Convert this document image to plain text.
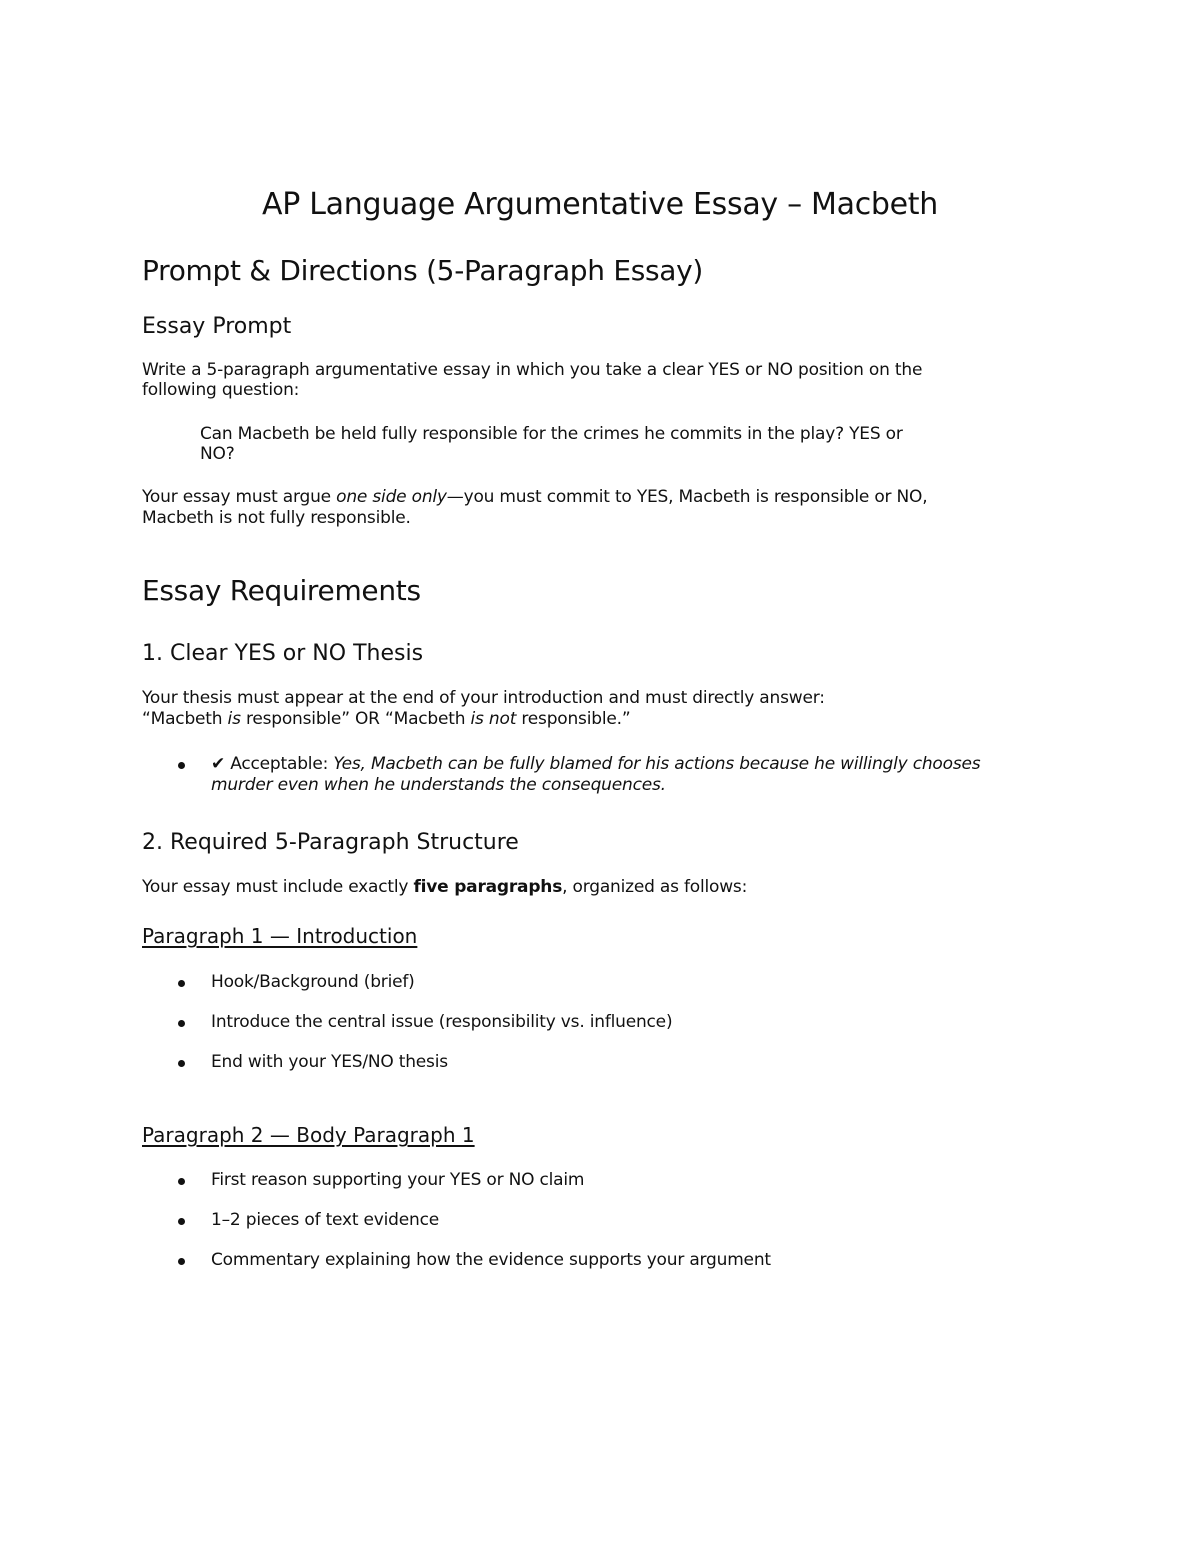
AP Language Argumentative Essay – Macbeth
Prompt & Directions (5-Paragraph Essay)
Essay Prompt
Write a 5-paragraph argumentative essay in which you take a clear YES or NO position on the
following question:
Can Macbeth be held fully responsible for the crimes he commits in the play? YES or
NO?
Your essay must argue one side only—you must commit to YES, Macbeth is responsible or NO,
Macbeth is not fully responsible.
Essay Requirements
1. Clear YES or NO Thesis
Your thesis must appear at the end of your introduction and must directly answer:
“Macbeth is responsible” OR “Macbeth is not responsible.”
✔ Acceptable: Yes, Macbeth can be fully blamed for his actions because he willingly chooses
murder even when he understands the consequences.
2. Required 5-Paragraph Structure
Your essay must include exactly five paragraphs, organized as follows:
Paragraph 1 — Introduction
Hook/Background (brief)
Introduce the central issue (responsibility vs. influence)
End with your YES/NO thesis
Paragraph 2 — Body Paragraph 1
First reason supporting your YES or NO claim
1–2 pieces of text evidence
Commentary explaining how the evidence supports your argument
